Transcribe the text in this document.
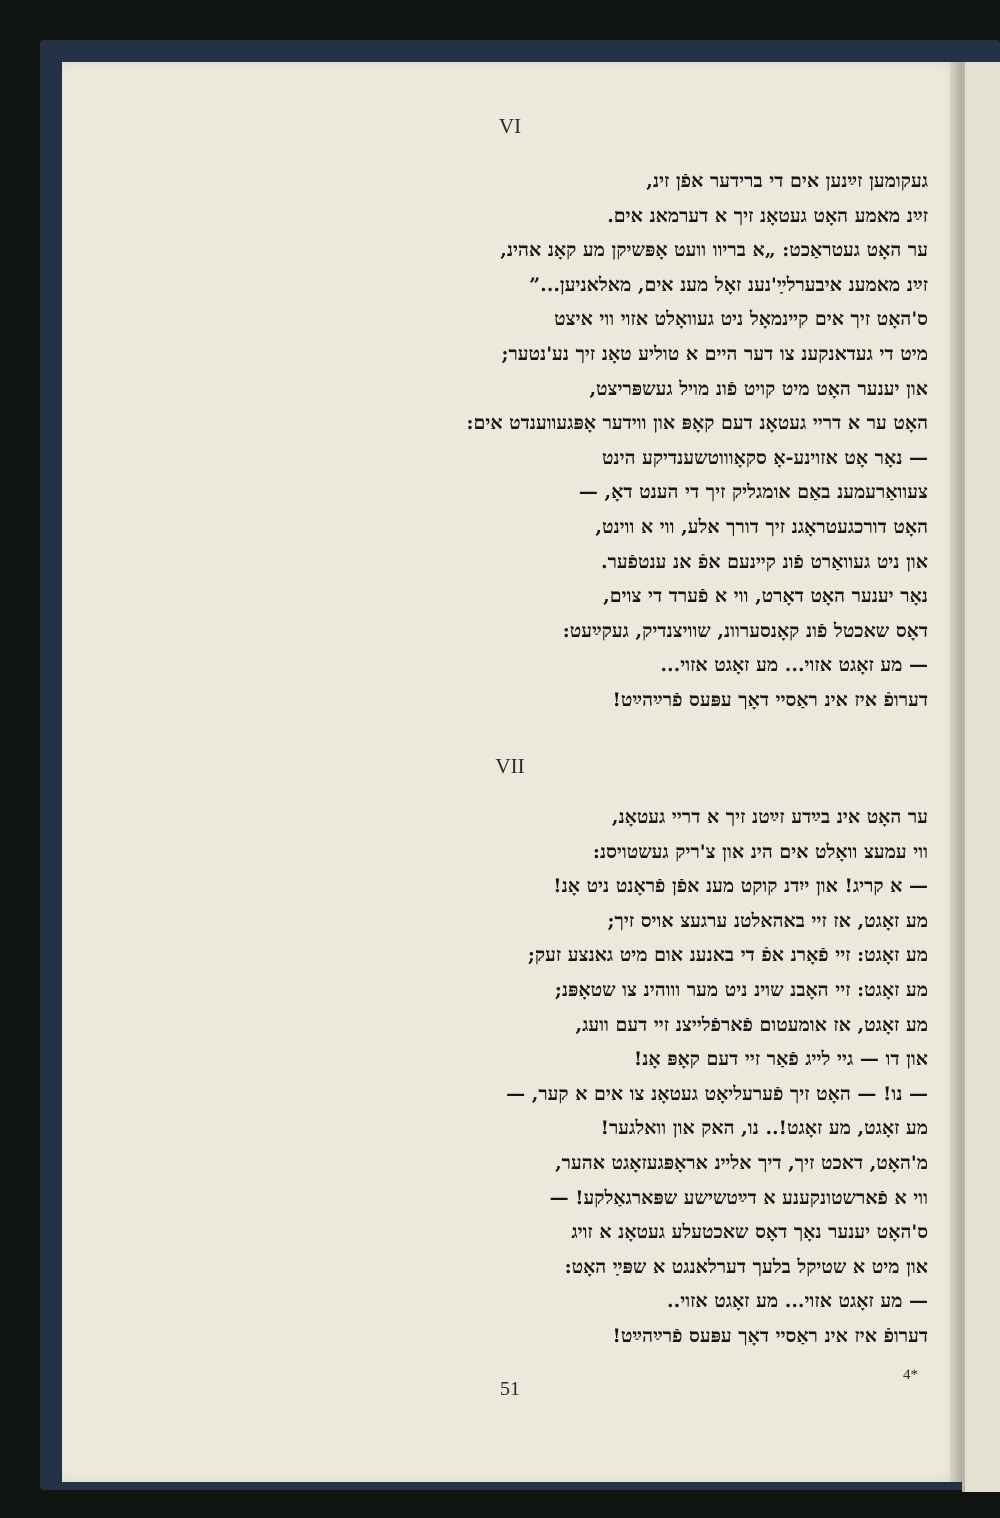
VI
געקומען זײַנען אים די ברידער אפֿן זינ,
זײַנ מאמע האָט געטאָנ זיך א דערמאנ אים.
ער האָט געטראַכט: „א בריוו וועט אָפּשיקן מע קאָנ אהינ,
זײַנ מאמענ איבערלײַ'נענ זאָל מענ אים, מאלאניען...”
ס'האָט זיך אים קײנמאָל ניט געוואָלט אזוי ווי איצט
מיט די געדאנקענ צו דער היים א טוליע טאָנ זיך נע'נטער;
און יענער האָט מיט קויט פֿונ מויל געשפּריצט,
האָט ער א דריי געטאָנ דעם קאָפּ און ווידער אָפּגעווענדט אים:
— נאָר אָט אזוינע-אָ סקאָוווטשענדיקע הינט
צעוואַרעמענ באַם אומגליק זיך די הענט דאָ, —
האָט דורכגעטראָגנ זיך דורך אלע, ווי א ווינט,
און ניט געוואַרט פֿונ קײנעם אפֿ אנ ענטפֿער.
נאָר יענער האָט דאָרט, ווי א פֿערד די צוים,
דאָס שאכטל פֿונ קאָנסערוונ, שוויצנדיק, געקײַעט:
— מע זאָגט אזוי... מע זאָגט אזוי...
דערופֿ איז אינ ראַסיי דאָך עפּעס פֿרײַהײַט!
VII
ער האָט אינ בײַדע זײַטנ זיך א דריי געטאָנ,
ווי עמעצ וואָלט אים הינ און צ'ריק געשטויסנ:
— א קריג! און ייִדנ קוקט מענ אפֿן פֿראָנט ניט אָנ!
מע זאָגט, אז זיי באהאלטנ ערגעצ אויס זיך;
מע זאָגט: זיי פֿאָרנ אפֿ די באנענ אום מיט גאנצע זעק;
מע זאָגט: זיי האָבנ שוינ ניט מער וווהינ צו שטאָפּנ;
מע זאָגט, אז אומעטום פֿארפֿלייצנ זיי דעם וועג,
און דו — גיי לייג פֿאַר זיי דעם קאָפּ אָנ!
— נו! — האָט זיך פֿערעליאָט געטאָנ צו אים א קער, —
מע זאָגט, מע זאָגט!.. נו, האק און וואלגער!
מ'האָט, דאכט זיך, דיך אלײנ אראָפּגעזאָגט אהער,
ווי א פֿארשטונקענע א דײַטשישע שפּארגאַלקע! —
ס'האָט יענער נאָך דאָס שאכטעלע געטאָנ א זויג
און מיט א שטיקל בלעך דערלאנגט א שפּײַ האָט:
— מע זאָגט אזוי... מע זאָגט אזוי..
דערופֿ איז אינ ראַסיי דאָך עפּעס פֿרײַהײַט!
51
4*
